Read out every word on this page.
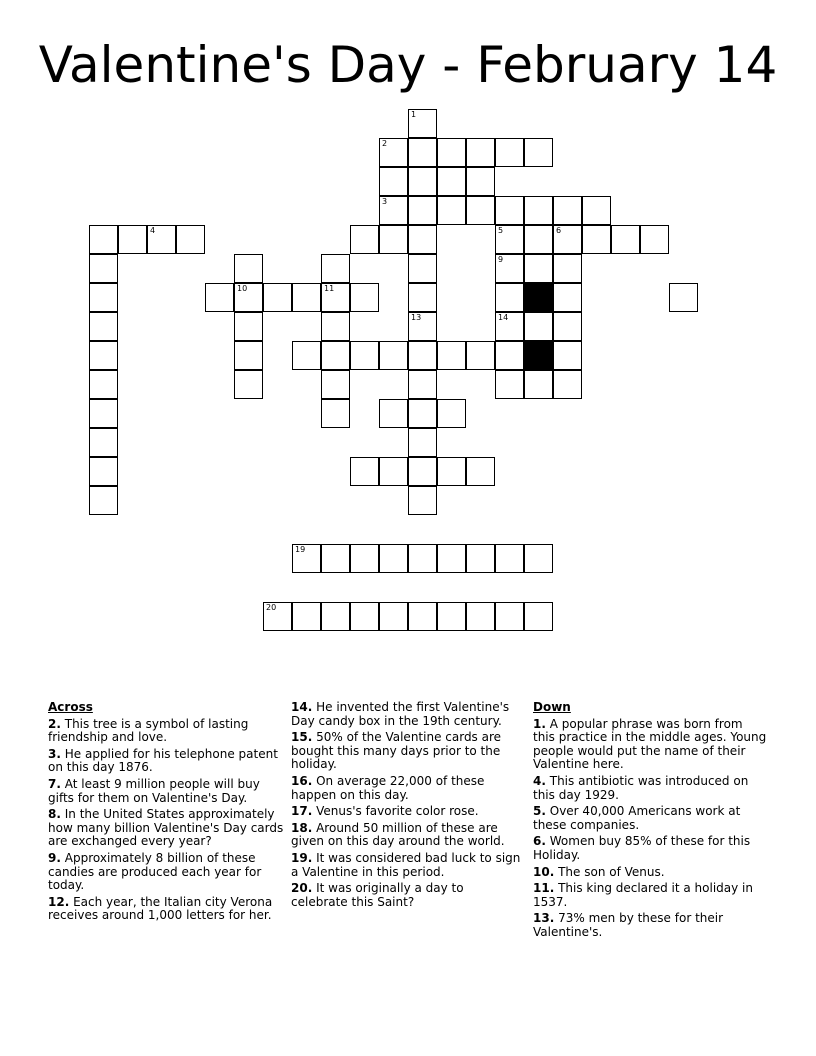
Valentine's Day - February 14
3
4
1
2
5
9
14
6
10	11
13
19
20
Across
2. This tree is a symbol of lasting friendship and love.
3. He applied for his telephone patent on this day 1876.
7. At least 9 million people will buy gifts for them on Valentine's Day.
8. In the United States approximately how many billion Valentine's Day cards are exchanged every year?
9. Approximately 8 billion of these candies are produced each year for today.
12. Each year, the Italian city Verona receives around 1,000 letters for her.
14. He invented the first Valentine's Day candy box in the 19th century.
15. 50% of the Valentine cards are bought this many days prior to the holiday.
16. On average 22,000 of these happen on this day.
17. Venus's favorite color rose.
18. Around 50 million of these are given on this day around the world.
19. It was considered bad luck to sign a Valentine in this period.
20. It was originally a day to celebrate this Saint?
Down
1. A popular phrase was born from this practice in the middle ages. Young people would put the name of their Valentine here.
4. This antibiotic was introduced on this day 1929.
5. Over 40,000 Americans work at these companies.
6. Women buy 85% of these for this Holiday.
10. The son of Venus.
11. This king declared it a holiday in 1537.
13. 73% men by these for their Valentine's.
